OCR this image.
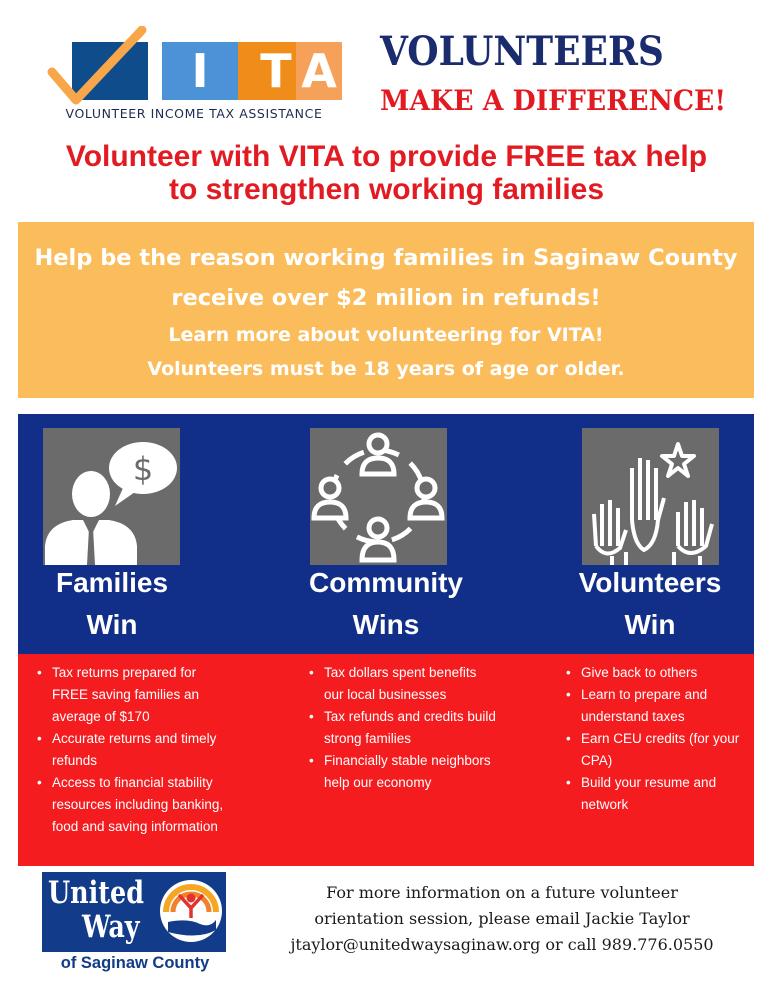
I	T
VOLUNTEER INCOME TAX ASSISTANCE
VOLUNTEERS
MAKE A DIFFERENCE!
Volunteer with VITA to provide FREE tax help
to strengthen working families
Help be the reason working families in Saginaw County
receive over $2 milion in refunds!
Learn more about volunteering for VITA!
Volunteers must be 18 years of age or older.
$
Families
Win
Community
Wins
Volunteers
Win
• Tax returns prepared for FREE saving families an average of $170
• Accurate returns and timely refunds
• Access to financial stability resources including banking, food and saving information
• Tax dollars spent benefits our local businesses
• Tax refunds and credits build strong families
• Financially stable neighbors help our economy
• Give back to others
• Learn to prepare and understand taxes
• Earn CEU credits (for your CPA)
• Build your resume and network
United
Way	TM
of Saginaw County
For more information on a future volunteer
orientation session, please email Jackie Taylor
jtaylor@unitedwaysaginaw.org or call 989.776.0550
A
